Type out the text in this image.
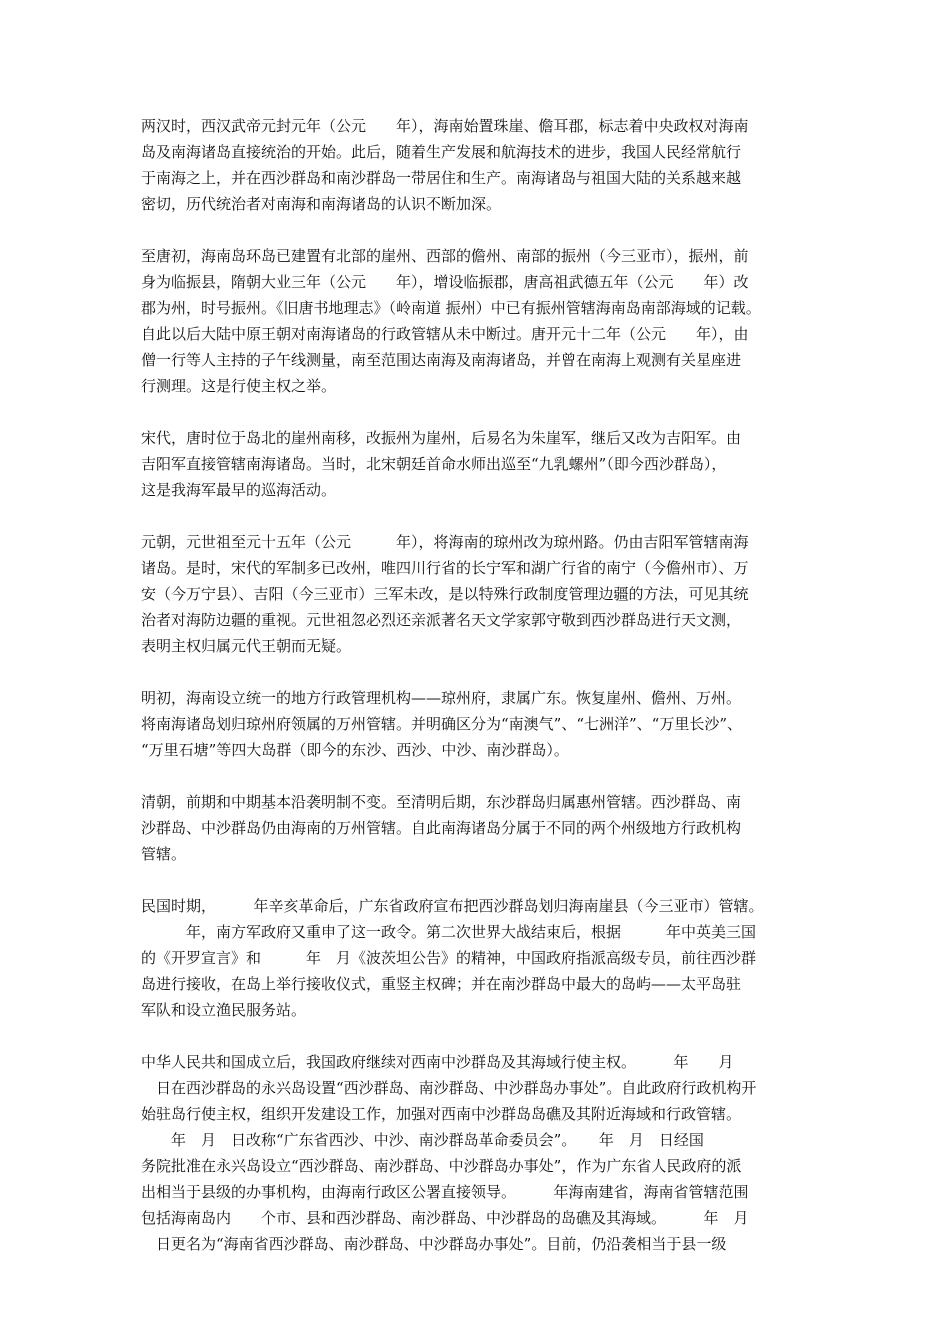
两汉时，西汉武帝元封元年（公元　　年），海南始置珠崖、儋耳郡，标志着中央政权对海南
岛及南海诸岛直接统治的开始。此后，随着生产发展和航海技术的进步，我国人民经常航行
于南海之上，并在西沙群岛和南沙群岛一带居住和生产。南海诸岛与祖国大陆的关系越来越
密切，历代统治者对南海和南海诸岛的认识不断加深。
至唐初，海南岛环岛已建置有北部的崖州、西部的儋州、南部的振州（今三亚市），振州，前
身为临振县，隋朝大业三年（公元　　年），增设临振郡，唐高祖武德五年（公元　　年）改
郡为州，时号振州。《旧唐书地理志》（岭南道 振州）中已有振州管辖海南岛南部海域的记载。
自此以后大陆中原王朝对南海诸岛的行政管辖从未中断过。唐开元十二年（公元　　年），由
僧一行等人主持的子午线测量，南至范围达南海及南海诸岛，并曾在南海上观测有关星座进
行测理。这是行使主权之举。
宋代，唐时位于岛北的崖州南移，改振州为崖州，后易名为朱崖军，继后又改为吉阳军。由
吉阳军直接管辖南海诸岛。当时，北宋朝廷首命水师出巡至“九乳螺州”（即今西沙群岛），
这是我海军最早的巡海活动。
元朝，元世祖至元十五年（公元　　　年），将海南的琼州改为琼州路。仍由吉阳军管辖南海
诸岛。是时，宋代的军制多已改州，唯四川行省的长宁军和湖广行省的南宁（今儋州市）、万
安（今万宁县）、吉阳（今三亚市）三军未改，是以特殊行政制度管理边疆的方法，可见其统
治者对海防边疆的重视。元世祖忽必烈还亲派著名天文学家郭守敬到西沙群岛进行天文测，
表明主权归属元代王朝而无疑。
明初，海南设立统一的地方行政管理机构——琼州府，隶属广东。恢复崖州、儋州、万州。
将南海诸岛划归琼州府领属的万州管辖。并明确区分为“南澳气”、“七洲洋”、“万里长沙”、
“万里石塘”等四大岛群（即今的东沙、西沙、中沙、南沙群岛）。
清朝，前期和中期基本沿袭明制不变。至清明后期，东沙群岛归属惠州管辖。西沙群岛、南
沙群岛、中沙群岛仍由海南的万州管辖。自此南海诸岛分属于不同的两个州级地方行政机构
管辖。
民国时期，　　　年辛亥革命后，广东省政府宣布把西沙群岛划归海南崖县（今三亚市）管辖。
　　　年，南方军政府又重申了这一政令。第二次世界大战结束后，根据　　　年中英美三国
的《开罗宣言》和　　　年　月《波茨坦公告》的精神，中国政府指派高级专员，前往西沙群
岛进行接收，在岛上举行接收仪式，重竖主权碑；并在南沙群岛中最大的岛屿——太平岛驻
军队和设立渔民服务站。
中华人民共和国成立后，我国政府继续对西南中沙群岛及其海域行使主权。　　　年　　月
　日在西沙群岛的永兴岛设置“西沙群岛、南沙群岛、中沙群岛办事处”。自此政府行政机构开
始驻岛行使主权，组织开发建设工作，加强对西南中沙群岛岛礁及其附近海域和行政管辖。
　　年　月　日改称“广东省西沙、中沙、南沙群岛革命委员会”。　　年　月　日经国
务院批准在永兴岛设立“西沙群岛、南沙群岛、中沙群岛办事处”，作为广东省人民政府的派
出相当于县级的办事机构，由海南行政区公署直接领导。　　　年海南建省，海南省管辖范围
包括海南岛内　　个市、县和西沙群岛、南沙群岛、中沙群岛的岛礁及其海域。　　　年　月
　日更名为“海南省西沙群岛、南沙群岛、中沙群岛办事处”。目前，仍沿袭相当于县一级
